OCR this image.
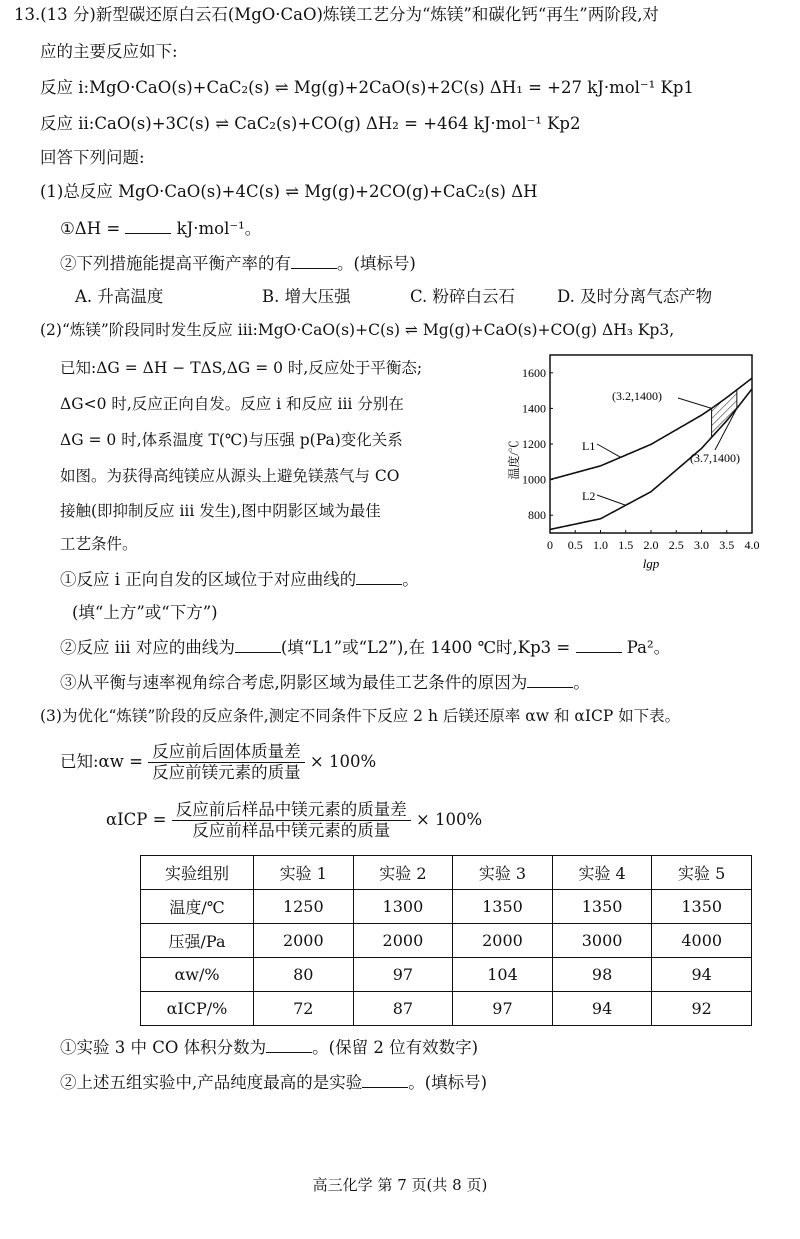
13.(13 分)新型碳还原白云石(MgO·CaO)炼镁工艺分为“炼镁”和碳化钙“再生”两阶段,对
应的主要反应如下:
反应 i:MgO·CaO(s)+CaC₂(s) ⇌ Mg(g)+2CaO(s)+2C(s) ΔH₁ = +27 kJ·mol⁻¹ Kp1
反应 ii:CaO(s)+3C(s) ⇌ CaC₂(s)+CO(g) ΔH₂ = +464 kJ·mol⁻¹ Kp2
回答下列问题:
(1)总反应 MgO·CaO(s)+4C(s) ⇌ Mg(g)+2CO(g)+CaC₂(s) ΔH
①ΔH =	kJ·mol⁻¹。
②下列措施能提高平衡产率的有	。(填标号)
A. 升高温度	B. 增大压强	C. 粉碎白云石	D. 及时分离气态产物
(2)“炼镁”阶段同时发生反应 iii:MgO·CaO(s)+C(s) ⇌ Mg(g)+CaO(s)+CO(g) ΔH₃ Kp3,
已知:ΔG = ΔH − TΔS,ΔG = 0 时,反应处于平衡态;
ΔG<0 时,反应正向自发。反应 i 和反应 iii 分别在
ΔG = 0 时,体系温度 T(℃)与压强 p(Pa)变化关系
如图。为获得高纯镁应从源头上避免镁蒸气与 CO
接触(即抑制反应 iii 发生),图中阴影区域为最佳
工艺条件。
①反应 i 正向自发的区域位于对应曲线的	。
(填“上方”或“下方”)
②反应 iii 对应的曲线为	(填“L1”或“L2”),在 1400 ℃时,Kp3 =	Pa²。
③从平衡与速率视角综合考虑,阴影区域为最佳工艺条件的原因为	。
0 0.5 1.0 1.5 2.0 2.5 3.0 3.5 4.0
800
1000
1200
1400
1600
温度/℃
lgp
(3.2,1400)
(3.7,1400)
L1
L2
(3)为优化“炼镁”阶段的反应条件,测定不同条件下反应 2 h 后镁还原率 αw 和 αICP 如下表。
已知:αw = $\frac{\text{反应前后固体质量差}}{\text{反应前镁元素的质量}} \times 100\%$
$\alpha ICP = \frac{\text{反应前后样品中镁元素的质量差}}{\text{反应前样品中镁元素的质量}} \times 100\%$
实验组别	实验 1	实验 2	实验 3	实验 4	实验 5
温度/℃	1250	1300	1350	1350	1350
压强/Pa	2000	2000	2000	3000	4000
αw/%	80	97	104	98	94
αICP/%	72	87	97	94	92
①实验 3 中 CO 体积分数为	。(保留 2 位有效数字)
②上述五组实验中,产品纯度最高的是实验	。(填标号)
高三化学 第 7 页(共 8 页)
